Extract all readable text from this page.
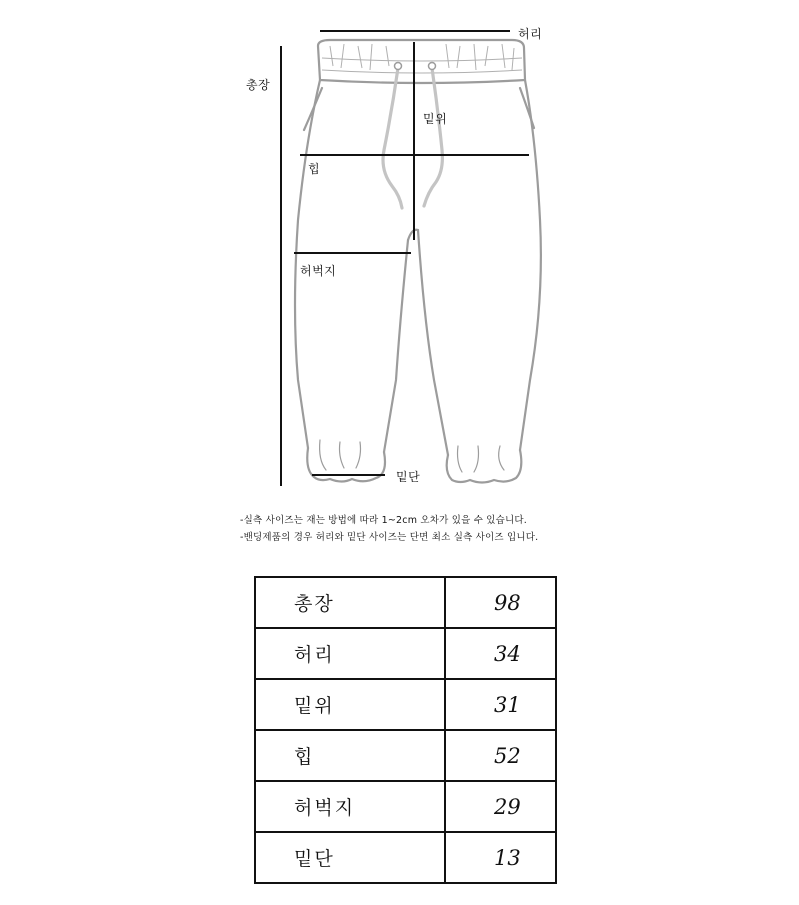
허리
총장
밑위
힙
허벅지
밑단
-실측 사이즈는 재는 방법에 따라 1~2cm 오차가 있을 수 있습니다.
-밴딩제품의 경우 허리와 밑단 사이즈는 단면 최소 실측 사이즈 입니다.
총장	98
허리	34
밑위	31
힙	52
허벅지	29
밑단	13
